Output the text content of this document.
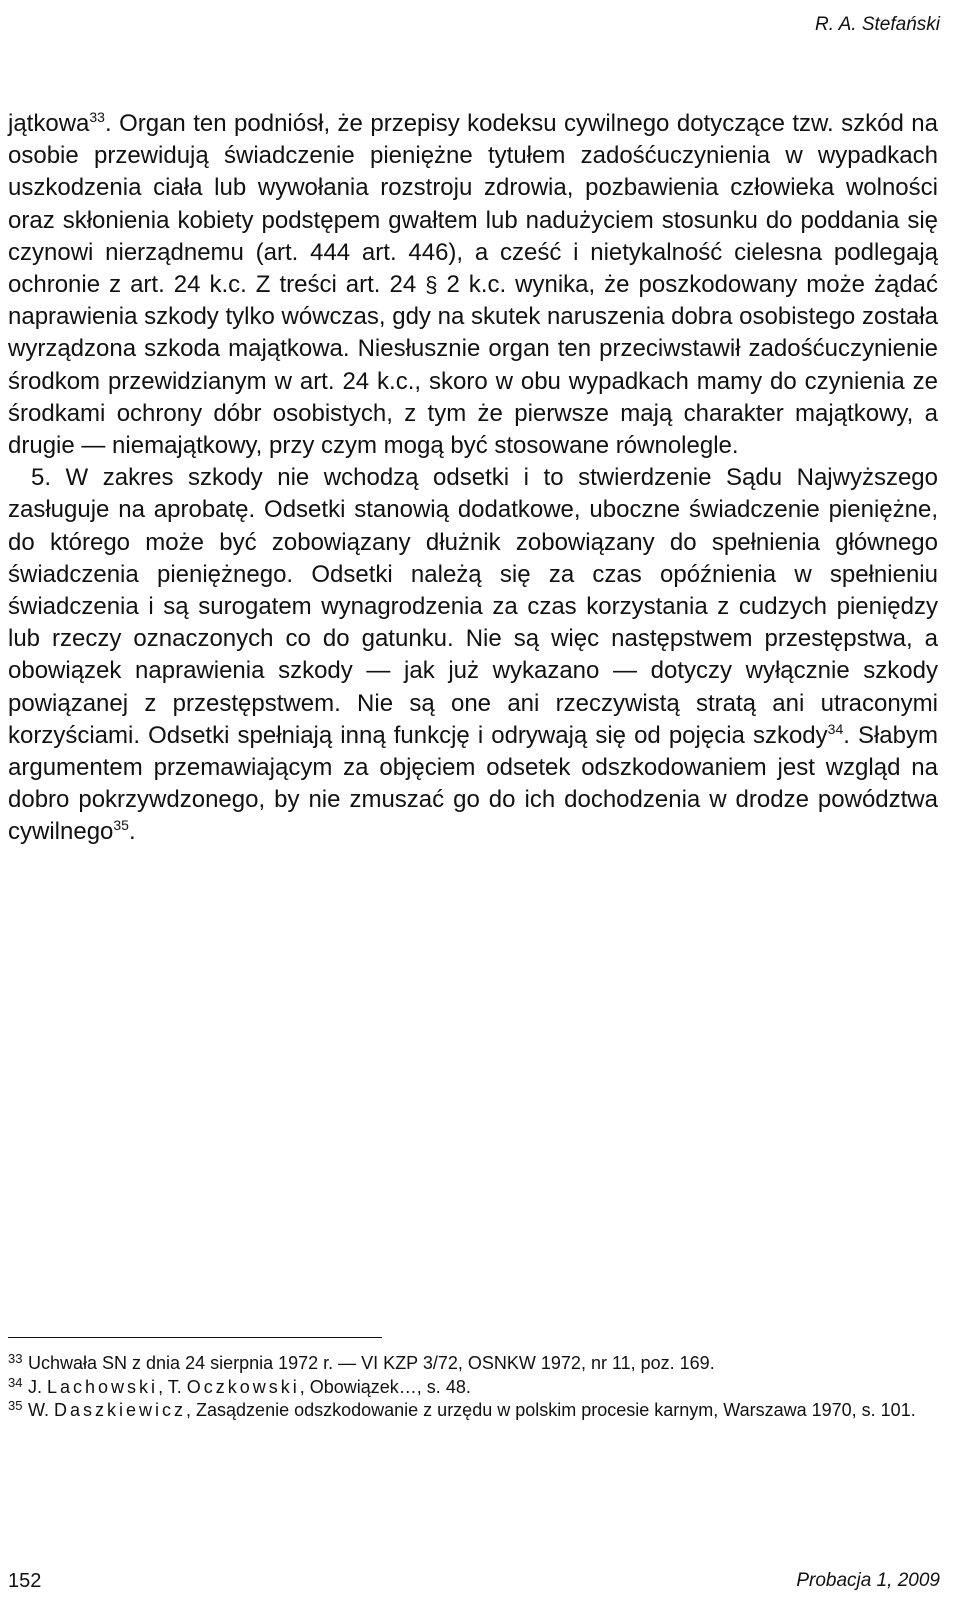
R. A. Stefański

jątkowa$^{33}$. Organ ten podniósł, że przepisy kodeksu cywilnego dotyczące tzw. szkód na osobie przewidują świadczenie pieniężne tytułem zadośćuczynienia w wypadkach uszkodzenia ciała lub wywołania rozstroju zdrowia, pozbawienia człowieka wolności oraz skłonienia kobiety podstępem gwałtem lub nadużyciem stosunku do poddania się czynowi nierządnemu (art. 444 art. 446), a cześć i nietykalność cielesna podlegają ochronie z art. 24 k.c. Z treści art. 24 § 2 k.c. wynika, że poszkodowany może żądać naprawienia szkody tylko wówczas, gdy na skutek naruszenia dobra osobistego została wyrządzona szkoda majątkowa. Niesłusznie organ ten przeciwstawił zadośćuczynienie środkom przewidzianym w art. 24 k.c., skoro w obu wypadkach mamy do czynienia ze środkami ochrony dóbr osobistych, z tym że pierwsze mają charakter majątkowy, a drugie — niemajątkowy, przy czym mogą być stosowane równolegle.

5. W zakres szkody nie wchodzą odsetki i to stwierdzenie Sądu Najwyższego zasługuje na aprobatę. Odsetki stanowią dodatkowe, uboczne świadczenie pieniężne, do którego może być zobowiązany dłużnik zobowiązany do spełnienia głównego świadczenia pieniężnego. Odsetki należą się za czas opóźnienia w spełnieniu świadczenia i są surogatem wynagrodzenia za czas korzystania z cudzych pieniędzy lub rzeczy oznaczonych co do gatunku. Nie są więc następstwem przestępstwa, a obowiązek naprawienia szkody — jak już wykazano — dotyczy wyłącznie szkody powiązanej z przestępstwem. Nie są one ani rzeczywistą stratą ani utraconymi korzyściami. Odsetki spełniają inną funkcję i odrywają się od pojęcia szkody$^{34}$. Słabym argumentem przemawiającym za objęciem odsetek odszkodowaniem jest wzgląd na dobro pokrzywdzonego, by nie zmuszać go do ich dochodzenia w drodze powództwa cywilnego$^{35}$.

33 Uchwała SN z dnia 24 sierpnia 1972 r. — VI KZP 3/72, OSNKW 1972, nr 11, poz. 169.
34 J. Lachowski, T. Oczkowski, Obowiązek…, s. 48.
35 W. Daszkiewicz, Zasądzenie odszkodowanie z urzędu w polskim procesie karnym, Warszawa 1970, s. 101.
152	Probacja 1, 2009
